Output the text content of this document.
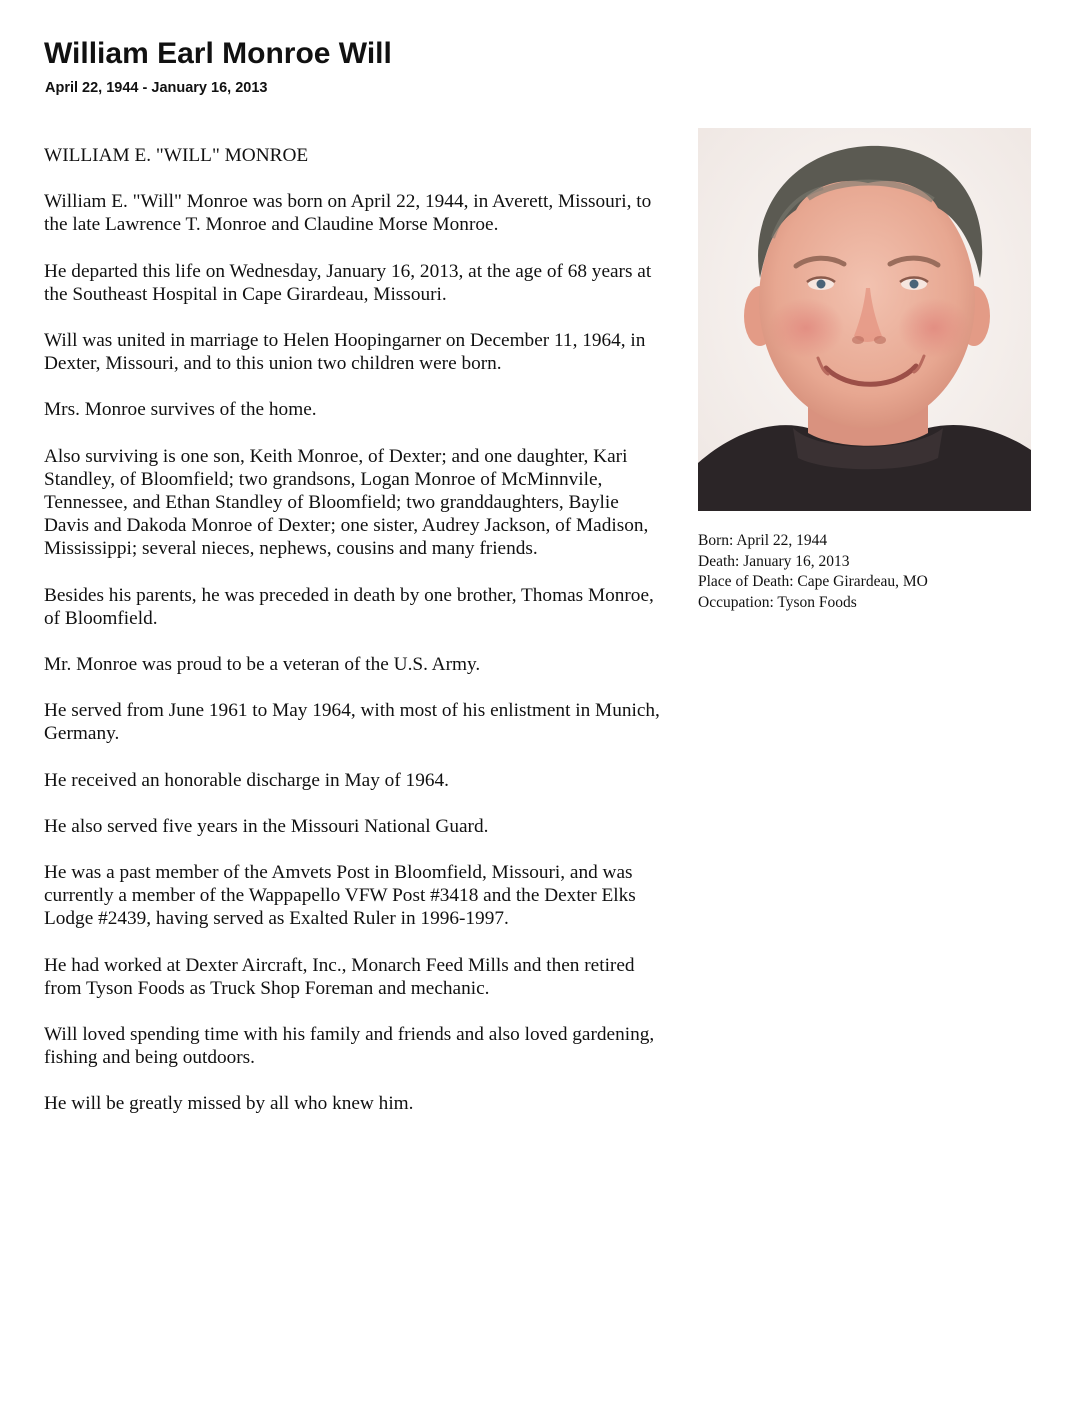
William Earl Monroe Will
April 22, 1944 - January 16, 2013

WILLIAM E. "WILL" MONROE

William E. "Will" Monroe was born on April 22, 1944, in Averett, Missouri, to the late Lawrence T. Monroe and Claudine Morse Monroe.

He departed this life on Wednesday, January 16, 2013, at the age of 68 years at the Southeast Hospital in Cape Girardeau, Missouri.

Will was united in marriage to Helen Hoopingarner on December 11, 1964, in Dexter, Missouri, and to this union two children were born.

Mrs. Monroe survives of the home.

Also surviving is one son, Keith Monroe, of Dexter; and one daughter, Kari Standley, of Bloomfield; two grandsons, Logan Monroe of McMinnvile, Tennessee, and Ethan Standley of Bloomfield; two granddaughters, Baylie Davis and Dakoda Monroe of Dexter; one sister, Audrey Jackson, of Madison, Mississippi; several nieces, nephews, cousins and many friends.

Besides his parents, he was preceded in death by one brother, Thomas Monroe, of Bloomfield.

Mr. Monroe was proud to be a veteran of the U.S. Army.

He served from June 1961 to May 1964, with most of his enlistment in Munich, Germany.

He received an honorable discharge in May of 1964.

He also served five years in the Missouri National Guard.

He was a past member of the Amvets Post in Bloomfield, Missouri, and was currently a member of the Wappapello VFW Post #3418 and the Dexter Elks Lodge #2439, having served as Exalted Ruler in 1996-1997.

He had worked at Dexter Aircraft, Inc., Monarch Feed Mills and then retired from Tyson Foods as Truck Shop Foreman and mechanic.

Will loved spending time with his family and friends and also loved gardening, fishing and being outdoors.

He will be greatly missed by all who knew him.

Born: April 22, 1944
Death: January 16, 2013
Place of Death: Cape Girardeau, MO
Occupation: Tyson Foods
